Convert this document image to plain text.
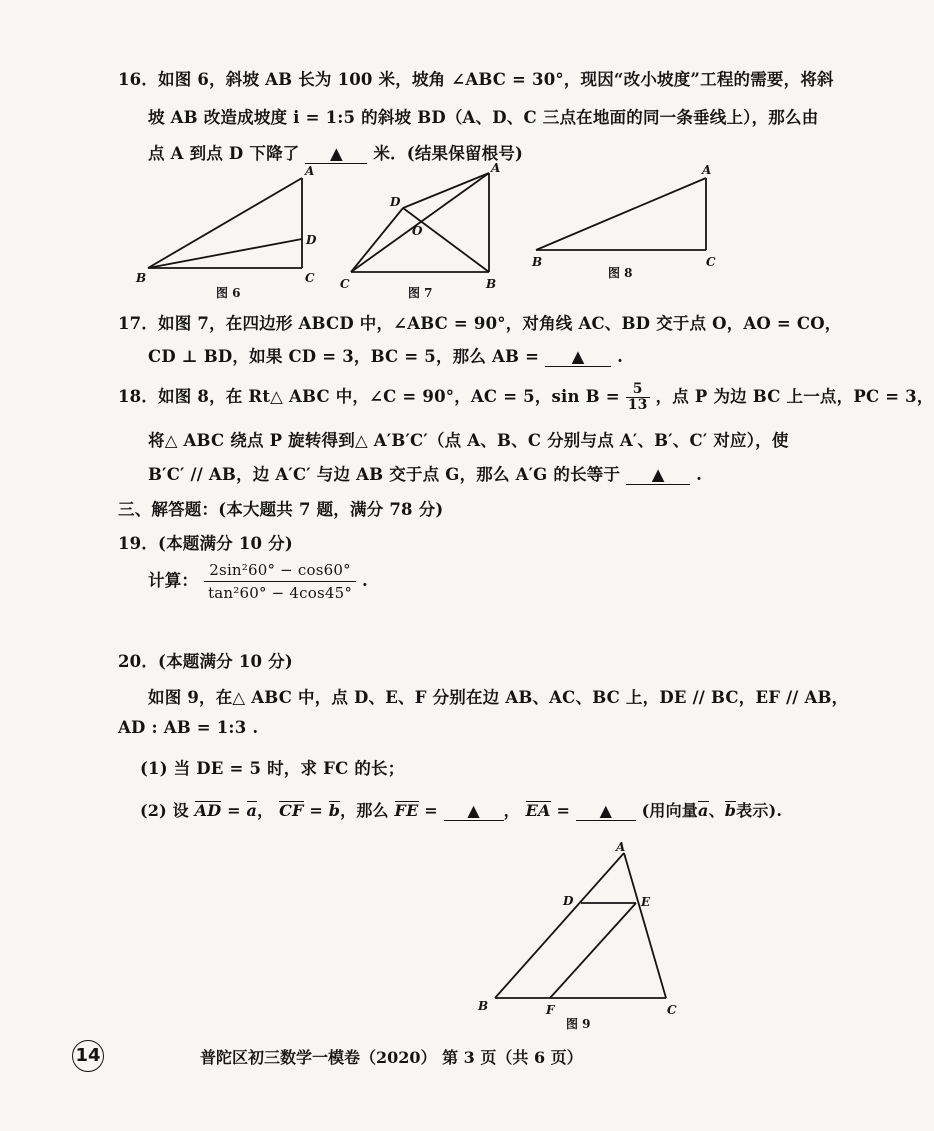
16．如图 6，斜坡 AB 长为 100 米，坡角 ∠ABC = 30°，现因“改小坡度”工程的需要，将斜
坡 AB 改造成坡度 i = 1:5 的斜坡 BD（A、D、C 三点在地面的同一条垂线上），那么由
点 A 到点 D 下降了 ▲ 米．(结果保留根号)
A
D
B	C
图 6
A
D
O
C	B
图 7
A
B	C
图 8
17．如图 7，在四边形 ABCD 中，∠ABC = 90°，对角线 AC、BD 交于点 O，AO = CO，
CD ⊥ BD，如果 CD = 3，BC = 5，那么 AB = ▲ .
18．如图 8，在 Rt△ ABC 中，∠C = 90°，AC = 5，$\sin B = \frac{5}{13}$ ，点 P 为边 BC 上一点，PC = 3，
将△ ABC 绕点 P 旋转得到△ A′B′C′（点 A、B、C 分别与点 A′、B′、C′ 对应），使
B′C′ // AB，边 A′C′ 与边 AB 交于点 G，那么 A′G 的长等于 ▲ .
三、解答题：(本大题共 7 题，满分 78 分)
19．(本题满分 10 分)
计算： $\frac{\text{2sin²60° − cos60°}}{\text{tan²60° − 4cos45°}}$ .
20．(本题满分 10 分)
如图 9，在△ ABC 中，点 D、E、F 分别在边 AB、AC、BC 上，DE // BC，EF // AB，
AD : AB = 1:3 .
(1) 当 DE = 5 时，求 FC 的长；
(2) 设 AD = a， CF = b，那么 FE = ▲ ， EA = ▲ (用向量a、b表示).
A
D	E
B	F	C
图 9
14	普陀区初三数学一模卷（2020） 第 3 页（共 6 页）
